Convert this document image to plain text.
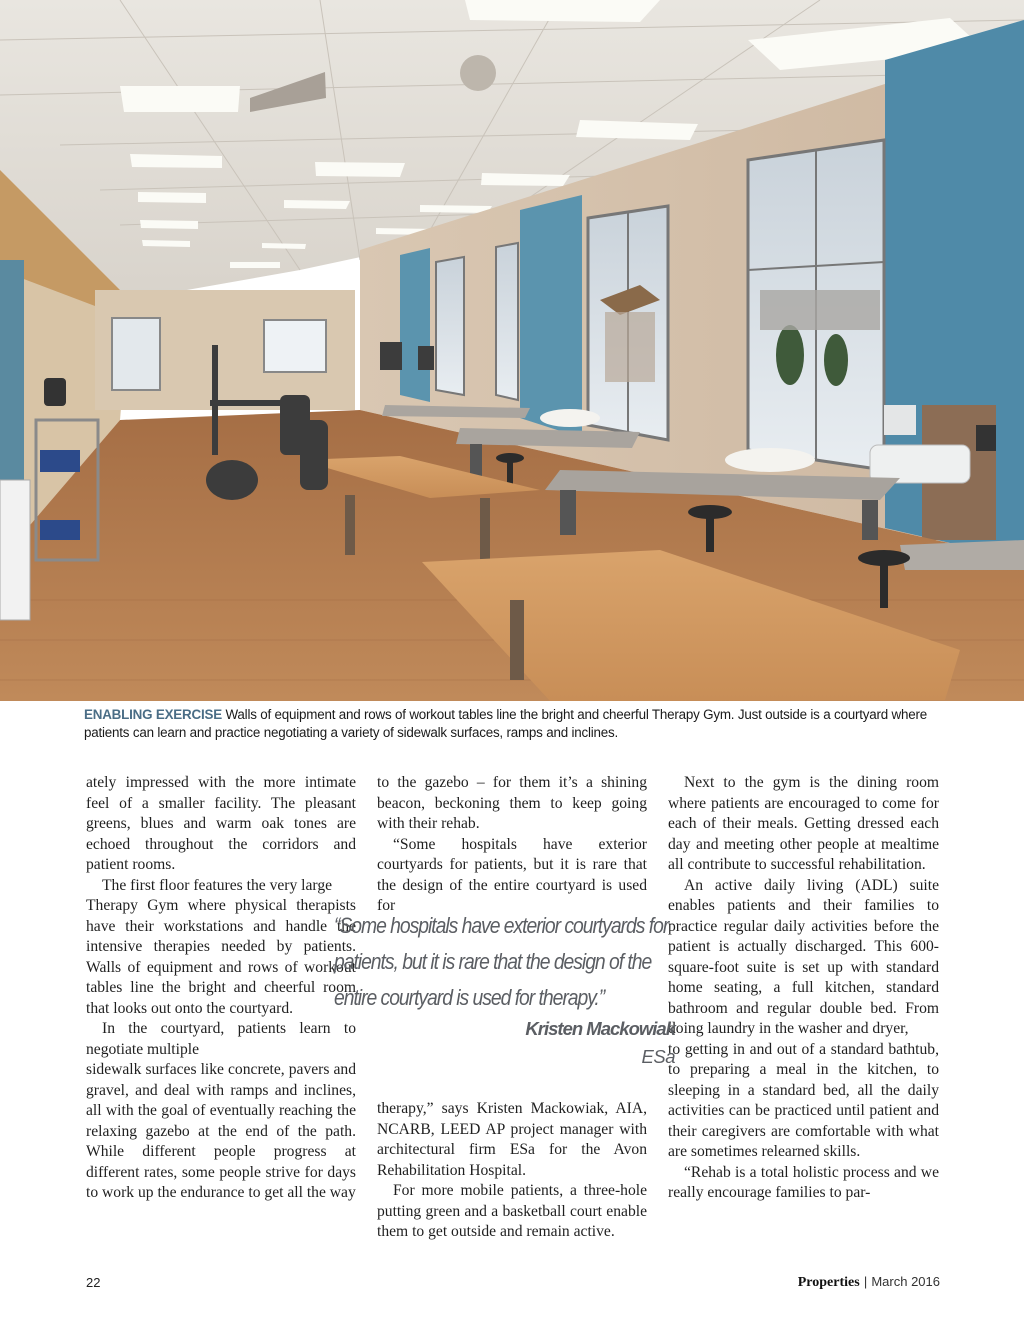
ENABLING EXERCISE Walls of equipment and rows of workout tables line the bright and cheerful Therapy Gym. Just outside is a courtyard where patients can learn and practice negotiating a variety of sidewalk surfaces, ramps and inclines.

ately impressed with the more intimate feel of a smaller facility. The pleasant greens, blues and warm oak tones are echoed throughout the corridors and patient rooms.

The first floor features the very large

Therapy Gym where physical therapists have their workstations and handle the intensive therapies needed by patients. Walls of equipment and rows of workout tables line the bright and cheerful room that looks out onto the courtyard.

In the courtyard, patients learn to negotiate multiple

sidewalk surfaces like concrete, pavers and gravel, and deal with ramps and inclines, all with the goal of eventually reaching the relaxing gazebo at the end of the path. While different people progress at different rates, some people strive for days to work up the endurance to get all the way

to the gazebo – for them it’s a shining beacon, beckoning them to keep going with their rehab.

“Some hospitals have exterior courtyards for patients, but it is rare that the design of the entire courtyard is used for

therapy,” says Kristen Mackowiak, AIA, NCARB, LEED AP project manager with architectural firm ESa for the Avon Rehabilitation Hospital.

For more mobile patients, a three-hole putting green and a basketball court enable them to get outside and remain active.

Next to the gym is the dining room where patients are encouraged to come for each of their meals. Getting dressed each day and meeting other people at mealtime all contribute to successful rehabilitation.

An active daily living (ADL) suite enables patients and their families to practice regular daily activities before the patient is actually discharged. This 600-square-foot suite is set up with standard home seating, a full kitchen, standard bathroom and regular double bed. From doing laundry in the washer and dryer,

to getting in and out of a standard bathtub, to preparing a meal in the kitchen, to sleeping in a standard bed, all the daily activities can be practiced until patient and their caregivers are comfortable with what are sometimes relearned skills.

“Rehab is a total holistic process and we really encourage families to par-

“Some hospitals have exterior courtyards for patients, but it is rare that the design of the entire courtyard is used for therapy.”
Kristen Mackowiak
ESa
22	Properties | March 2016
